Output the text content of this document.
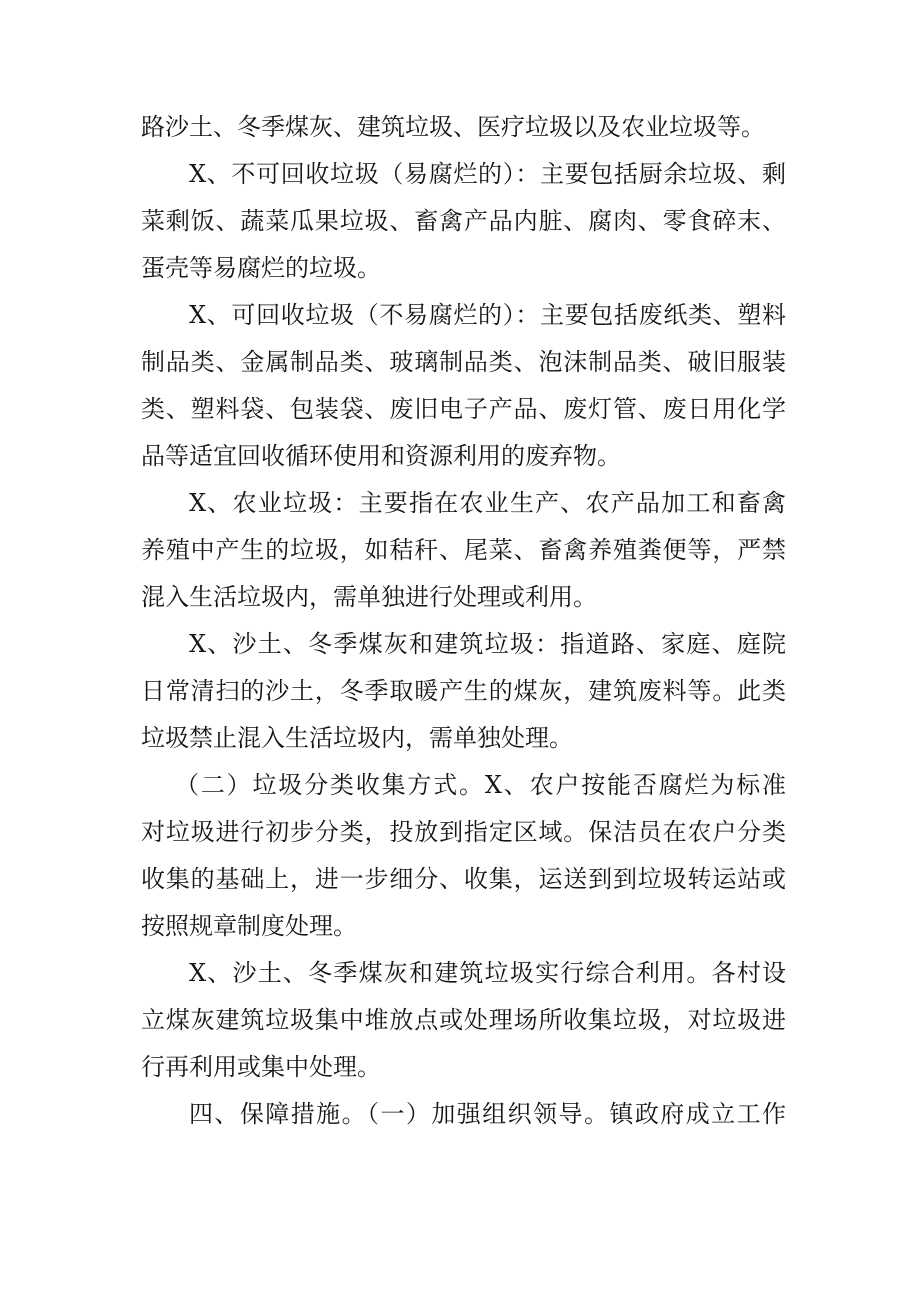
路沙土、冬季煤灰、建筑垃圾、医疗垃圾以及农业垃圾等。
X、不可回收垃圾（易腐烂的）：主要包括厨余垃圾、剩
菜剩饭、蔬菜瓜果垃圾、畜禽产品内脏、腐肉、零食碎末、
蛋壳等易腐烂的垃圾。
X、可回收垃圾（不易腐烂的）：主要包括废纸类、塑料
制品类、金属制品类、玻璃制品类、泡沫制品类、破旧服装
类、塑料袋、包装袋、废旧电子产品、废灯管、废日用化学
品等适宜回收循环使用和资源利用的废弃物。
X、农业垃圾：主要指在农业生产、农产品加工和畜禽
养殖中产生的垃圾，如秸秆、尾菜、畜禽养殖粪便等，严禁
混入生活垃圾内，需单独进行处理或利用。
X、沙土、冬季煤灰和建筑垃圾：指道路、家庭、庭院
日常清扫的沙土，冬季取暖产生的煤灰，建筑废料等。此类
垃圾禁止混入生活垃圾内，需单独处理。
（二）垃圾分类收集方式。X、农户按能否腐烂为标准
对垃圾进行初步分类，投放到指定区域。保洁员在农户分类
收集的基础上，进一步细分、收集，运送到到垃圾转运站或
按照规章制度处理。
X、沙土、冬季煤灰和建筑垃圾实行综合利用。各村设
立煤灰建筑垃圾集中堆放点或处理场所收集垃圾，对垃圾进
行再利用或集中处理。
四、保障措施。（一）加强组织领导。镇政府成立工作
